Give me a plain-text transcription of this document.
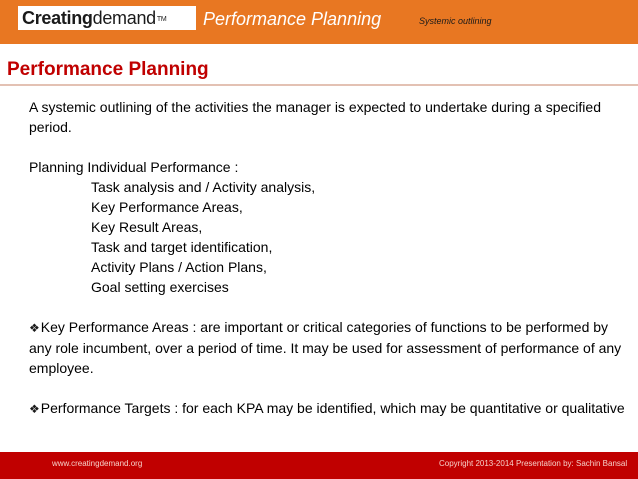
Creatingdemand™ Performance Planning	Systemic outlining
Performance Planning

A systemic outlining of the activities the manager is expected to undertake during a specified period.

Planning Individual Performance :

Task analysis and / Activity analysis,

Key Performance Areas,

Key Result Areas,

Task and target identification,

Activity Plans / Action Plans,

Goal setting exercises

❖Key Performance Areas : are important or critical categories of functions to be performed by any role incumbent, over a period of time. It may be used for assessment of performance of any employee.

❖Performance Targets : for each KPA may be identified, which may be quantitative or qualitative

www.creatingdemand.org	Copyright 2013-2014 Presentation by: Sachin Bansal
